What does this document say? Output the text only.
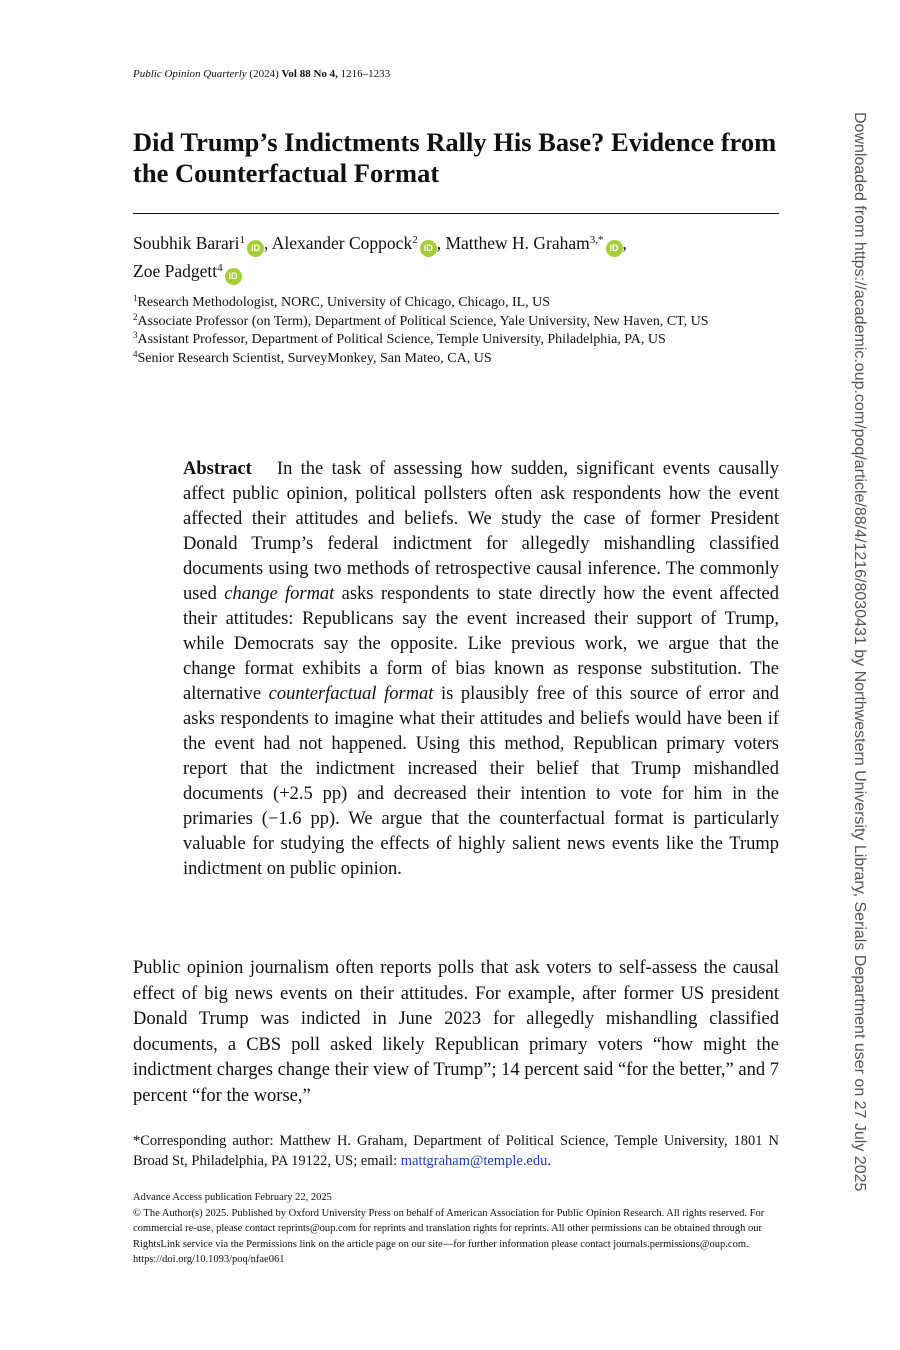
Public Opinion Quarterly (2024) Vol 88 No 4, 1216–1233
Did Trump’s Indictments Rally His Base? Evidence from the Counterfactual Format
Soubhik Barari$^1$iD , Alexander Coppock$^2$iD , Matthew H. Graham$^{3,*}$iD ,
Zoe Padgett$^4$iD

$^1$Research Methodologist, NORC, University of Chicago, Chicago, IL, US

$^2$Associate Professor (on Term), Department of Political Science, Yale University, New Haven, CT, US

$^3$Assistant Professor, Department of Political Science, Temple University, Philadelphia, PA, US

$^4$Senior Research Scientist, SurveyMonkey, San Mateo, CA, US

Abstract In the task of assessing how sudden, significant events causally affect public opinion, political pollsters often ask respondents how the event affected their attitudes and beliefs. We study the case of former President Donald Trump’s federal indictment for allegedly mishandling classified documents using two methods of retrospective causal inference. The commonly used change format asks respondents to state directly how the event affected their attitudes: Republicans say the event increased their support of Trump, while Democrats say the opposite. Like previous work, we argue that the change format exhibits a form of bias known as response substitution. The alternative counterfactual format is plausibly free of this source of error and asks respondents to imagine what their attitudes and beliefs would have been if the event had not happened. Using this method, Republican primary voters report that the indictment increased their belief that Trump mishandled documents (+2.5 pp) and decreased their intention to vote for him in the primaries (−1.6 pp). We argue that the counterfactual format is particularly valuable for studying the effects of highly salient news events like the Trump indictment on public opinion.
Public opinion journalism often reports polls that ask voters to self-assess the causal effect of big news events on their attitudes. For example, after former US president Donald Trump was indicted in June 2023 for allegedly mishandling classified documents, a CBS poll asked likely Republican primary voters “how might the indictment charges change their view of Trump”; 14 percent said “for the better,” and 7 percent “for the worse,”
*Corresponding author: Matthew H. Graham, Department of Political Science, Temple University, 1801 N Broad St, Philadelphia, PA 19122, US; email: mattgraham@temple.edu.

Advance Access publication February 22, 2025

© The Author(s) 2025. Published by Oxford University Press on behalf of American Association for Public Opinion Research. All rights reserved. For commercial re-use, please contact reprints@oup.com for reprints and translation rights for reprints. All other permissions can be obtained through our RightsLink service via the Permissions link on the article page on our site—for further information please contact journals.permissions@oup.com.

https://doi.org/10.1093/poq/nfae061

Downloaded from https://academic.oup.com/poq/article/88/4/1216/8030431 by Northwestern University Library, Serials Department user on 27 July 2025
